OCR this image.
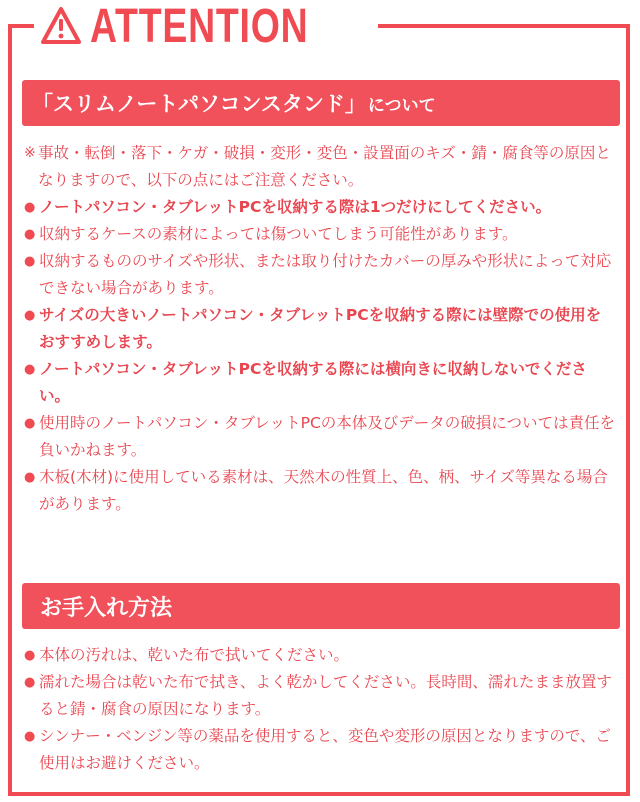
ATTENTION
「スリムノートパソコンスタンド」 について
※ 事故・転倒・落下・ケガ・破損・変形・変色・設置面のキズ・錆・腐食等の原因となりますので、以下の点にはご注意ください。
● ノートパソコン・タブレットPCを収納する際は1つだけにしてください。
● 収納するケースの素材によっては傷ついてしまう可能性があります。
● 収納するもののサイズや形状、または取り付けたカバーの厚みや形状によって対応できない場合があります。
● サイズの大きいノートパソコン・タブレットPCを収納する際には壁際での使用をおすすめします。
● ノートパソコン・タブレットPCを収納する際には横向きに収納しないでください。
● 使用時のノートパソコン・タブレットPCの本体及びデータの破損については責任を負いかねます。
● 木板(木材)に使用している素材は、天然木の性質上、色、柄、サイズ等異なる場合があります。
お手入れ方法
● 本体の汚れは、乾いた布で拭いてください。
● 濡れた場合は乾いた布で拭き、よく乾かしてください。長時間、濡れたまま放置すると錆・腐食の原因になります。
● シンナー・ベンジン等の薬品を使用すると、変色や変形の原因となりますので、ご使用はお避けください。
